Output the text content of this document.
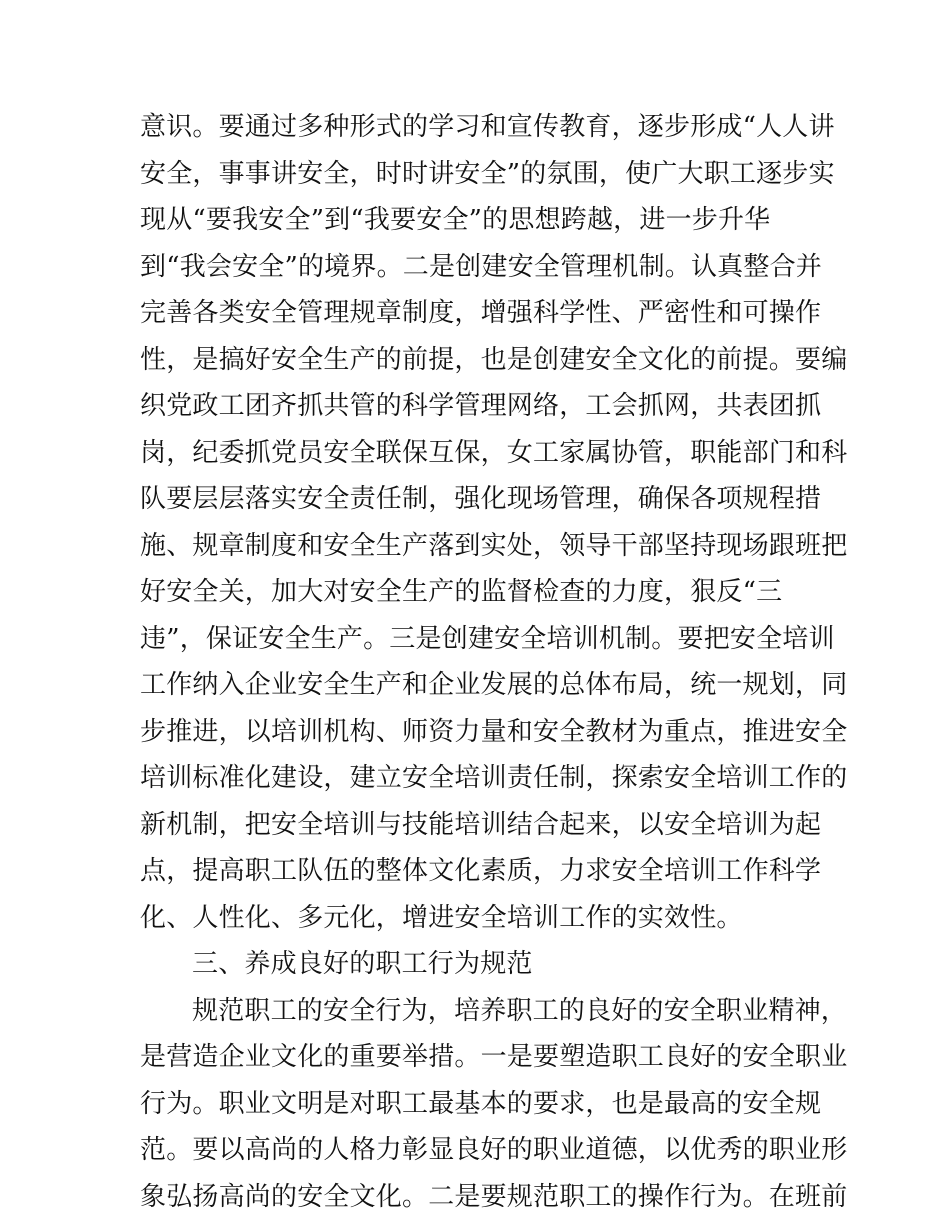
意识。要通过多种形式的学习和宣传教育，逐步形成“人人讲
安全，事事讲安全，时时讲安全”的氛围，使广大职工逐步实
现从“要我安全”到“我要安全”的思想跨越，进一步升华
到“我会安全”的境界。二是创建安全管理机制。认真整合并
完善各类安全管理规章制度，增强科学性、严密性和可操作
性，是搞好安全生产的前提，也是创建安全文化的前提。要编
织党政工团齐抓共管的科学管理网络，工会抓网，共表团抓
岗，纪委抓党员安全联保互保，女工家属协管，职能部门和科
队要层层落实安全责任制，强化现场管理，确保各项规程措
施、规章制度和安全生产落到实处，领导干部坚持现场跟班把
好安全关，加大对安全生产的监督检查的力度，狠反“三
违”，保证安全生产。三是创建安全培训机制。要把安全培训
工作纳入企业安全生产和企业发展的总体布局，统一规划，同
步推进，以培训机构、师资力量和安全教材为重点，推进安全
培训标准化建设，建立安全培训责任制，探索安全培训工作的
新机制，把安全培训与技能培训结合起来，以安全培训为起
点，提高职工队伍的整体文化素质，力求安全培训工作科学
化、人性化、多元化，增进安全培训工作的实效性。
三、养成良好的职工行为规范
规范职工的安全行为，培养职工的良好的安全职业精神，
是营造企业文化的重要举措。一是要塑造职工良好的安全职业
行为。职业文明是对职工最基本的要求，也是最高的安全规
范。要以高尚的人格力彰显良好的职业道德，以优秀的职业形
象弘扬高尚的安全文化。二是要规范职工的操作行为。在班前
